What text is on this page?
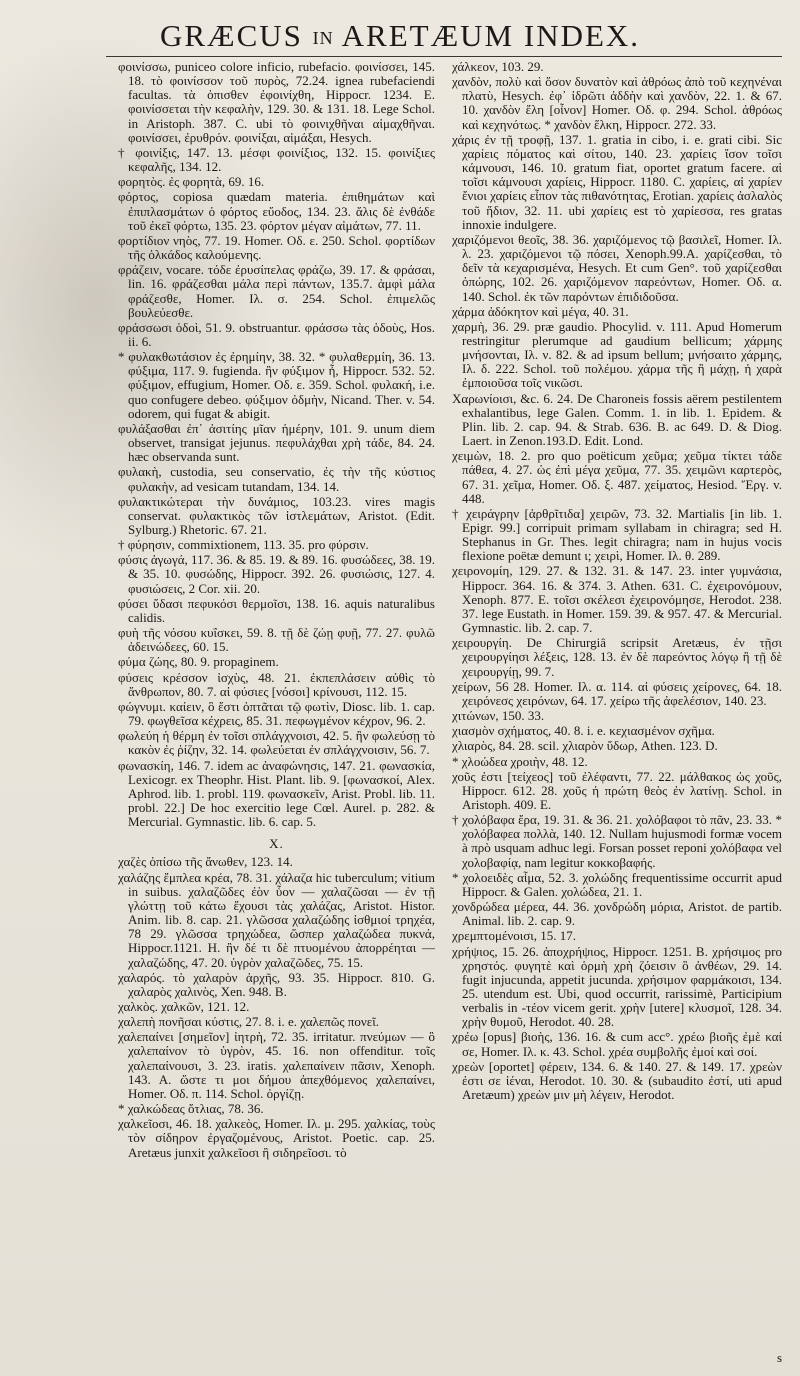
GRÆCUS IN ARETÆUM INDEX.
φοινίσσω, puniceo colore inficio, rubefacio. φοινίσσει, 145. 18. τὸ φοινίσσον τοῦ πυρὸς, 72.24. ignea rubefaciendi facultas. τὰ ὀπισθεν ἐφοινίχθη, Hippocr. 1234. E. φοινίσσεται τὴν κεφαλὴν, 129. 30. & 131. 18. Lege Schol. in Aristoph. 387. C. ubi τὸ φοινιχθῆναι αἱμαχθῆναι. φοινίσσει, ἐρυθρόν. φοινίξαι, αἱμάξαι, Hesych.
† φοινίξις, 147. 13. μέσφι φοινίξιος, 132. 15. φοινίξιες κεφαλῆς, 134. 12.
φορητὸς. ἐς φορητὰ, 69. 16.
φόρτος, copiosa quædam materia. ἐπιθημάτων καὶ ἐπιπλασμάτων ὁ φόρτος εὔοδος, 134. 23. ἄλις δὲ ἐνθάδε τοῦ ἐκεῖ φόρτω, 135. 23. φόρτον μέγαν αἰμάτων, 77. 11.
φορτίδιον νηὸς, 77. 19. Homer. Οδ. ε. 250. Schol. φορτίδων τῆς ὁλκάδος καλούμενης.
φράζειν, vocare. τόδε ἐρυσίπελας φράζω, 39. 17. & φράσαι, lin. 16. φράζεσθαι μάλα περὶ πάντων, 135.7. ἀμφὶ μάλα φράζεσθε, Homer. Ιλ. σ. 254. Schol. ἐπιμελῶς βουλεύεσθε.
φράσσωσι ὁδοὶ, 51. 9. obstruantur. φράσσω τὰς ὁδοὺς, Hos. ii. 6.
* φυλακθωτάσιον ἐς ἐρημίην, 38. 32. * φυλαθερμίη, 36. 13. φύξιμα, 117. 9. fugienda. ἢν φύξιμον ἦ, Hippocr. 532. 52. φύξιμον, effugium, Homer. Οδ. ε. 359. Schol. φυλακή, i.e. quo confugere debeo. φύξιμον ὀδμὴν, Nicand. Ther. v. 54. odorem, qui fugat & abigit.
φυλάξασθαι ἐπ᾽ ἀσιτίης μῖαν ἡμέρην, 101. 9. unum diem observet, transigat jejunus. πεφυλάχθαι χρὴ τάδε, 84. 24. hæc observanda sunt.
φυλακὴ, custodia, seu conservatio, ἐς τὴν τῆς κύστιος φυλακὴν, ad vesicam tutandam, 134. 14.
φυλακτικώτεραι τὴν δυνάμιος, 103.23. vires magis conservat. φυλακτικὸς τῶν ἱστλεμάτων, Aristot. (Edit. Sylburg.) Rhetoric. 67. 21.
† φύρησιν, commixtionem, 113. 35. pro φύρσιν.
φύσις ἀγωγά, 117. 36. & 85. 19. & 89. 16. φυσώδεες, 38. 19. & 35. 10. φυσώδης, Hippocr. 392. 26. φυσιώσις, 127. 4. φυσιώσεις, 2 Cor. xii. 20.
φύσει ὕδασι πεφυκόσι θερμοῖσι, 138. 16. aquis naturalibus calidis.
φυὴ τῆς νόσου κυΐσκει, 59. 8. τῇ δὲ ζώῃ φυῇ, 77. 27. φυλῶ ἀδεινώδεες, 60. 15.
φύμα ζώης, 80. 9. propaginem.
φύσεις κρέσσον ἰσχὺς, 48. 21. ἐκπεπλάσειν αὐθὶς τὸ ἄνθρωπον, 80. 7. αἱ φύσιες [νόσοι] κρίνουσι, 112. 15.
φώγνυμι. καίειν, ὃ ἔστι ὀπτᾶται τῷ φωτὶν, Diosc. lib. 1. cap. 79. φωγθεῖσα κέχρεις, 85. 31. πεφωγμένον κέχρον, 96. 2.
φωλεύη ἡ θέρμη ἐν τοῖσι σπλάγχνοισι, 42. 5. ἢν φωλεύσῃ τὸ κακὸν ἐς ῥίζην, 32. 14. φωλεύεται ἐν σπλάγχνοισιν, 56. 7.
φωνασκίη, 146. 7. idem ac ἀναφώνησις, 147. 21. φωνασκία, Lexicogr. ex Theophr. Hist. Plant. lib. 9. [φωνασκοί, Alex. Aphrod. lib. 1. probl. 119. φωνασκεῖν, Arist. Probl. lib. 11. probl. 22.] De hoc exercitio lege Cœl. Aurel. p. 282. & Mercurial. Gymnastic. lib. 6. cap. 5.
X.
χαζὲς ὀπίσω τῆς ἄνωθεν, 123. 14.
χαλάζης ἔμπλεα κρέα, 78. 31. χάλαζα hic tuberculum; vitium in suibus. χαλαζῶδες ἐὸν ὗον — χαλαζῶσαι — ἐν τῇ γλώττῃ τοῦ κάτω ἔχουσι τὰς χαλάζας, Aristot. Histor. Anim. lib. 8. cap. 21. γλῶσσα χαλαζώδης ἰσθμιοί τρηχέα, 78 29. γλῶσσα τρηχώδεα, ὥσπερ χαλαζώδεα πυκνά, Hippocr.1121. H. ἢν δέ τι δὲ πτυομένου ἀπορρέηται — χαλαζώδης, 47. 20. ὑγρὸν χαλαζῶδες, 75. 15.
χαλαρός. τὸ χαλαρὸν ἀρχῆς, 93. 35. Hippocr. 810. G. χαλαρὸς χαλινὸς, Xen. 948. B.
χαλκὸς. χαλκῶν, 121. 12.
χαλεπὴ πονῆσαι κύστις, 27. 8. i. e. χαλεπῶς πονεῖ.
χαλεπαίνει [σημεῖον] ἰητρὴ, 72. 35. irritatur. πνεύμων — ὃ χαλεπαίνον τὸ ὑγρὸν, 45. 16. non offenditur. τοῖς χαλεπαίνουσι, 3. 23. iratis. χαλεπαίνειν πᾶσιν, Xenoph. 143. A. ὥστε τι μοι δήμου ἀπεχθόμενος χαλεπαίνει, Homer. Οδ. π. 114. Schol. ὀργίζῃ.
* χαλκώδεας ὄτλιας, 78. 36.
χαλκεῖοσι, 46. 18. χαλκεὸς, Homer. Ιλ. μ. 295. χαλκίας, τοὺς τὸν σίδηρον ἐργαζομένους, Aristot. Poetic. cap. 25. Aretæus junxit χαλκεῖοσι ἢ σιδηρεῖοσι. τὸ
χάλκεον, 103. 29.
χανδὸν, πολὺ καὶ ὅσον δυνατὸν καὶ ἀθρόως ἀπὸ τοῦ κεχηνέναι πλατὺ, Hesych. ἐφ᾽ ἰδρῶτι ἀδδὴν καὶ χανδὸν, 22. 1. & 67. 10. χανδὸν ἔλη [οἶνον] Homer. Οδ. φ. 294. Schol. ἀθρόως καὶ κεχηνότως. * χανδὸν ἕλκη, Hippocr. 272. 33.
χάρις ἐν τῇ τροφῇ, 137. 1. gratia in cibo, i. e. grati cibi. Sic χαρίεις πόματος καὶ σίτου, 140. 23. χαρίεις ἴσον τοῖσι κάμνουσι, 146. 10. gratum fiat, oportet gratum facere. αἱ τοῖσι κάμνουσι χαρίεις, Hippocr. 1180. C. χαρίεις, αἱ χαρίεν ἔνιοι χαρίεις εἶπον τὰς πιθανότητας, Erotian. χαρίεις ἀσλαλὸς τοῦ ἥδιον, 32. 11. ubi χαρίεις est τὸ χαρίεσσα, res gratas innoxie indulgere.
χαριζόμενοι θεοῖς, 38. 36. χαριζόμενος τῷ βασιλεῖ, Homer. Ιλ. λ. 23. χαριζόμενοι τῷ πόσει, Xenoph.99.A. χαρίζεσθαι, τὸ δεῖν τὰ κεχαρισμένα, Hesych. Et cum Gen°. τοῦ χαρίζεσθαι ὀπώρης, 102. 26. χαριζόμενον παρεόντων, Homer. Οδ. α. 140. Schol. ἐκ τῶν παρόντων ἐπιδιδοῦσα.
χάρμα ἀδόκητον καὶ μέγα, 40. 31.
χαρμὴ, 36. 29. præ gaudio. Phocylid. v. 111. Apud Homerum restringitur plerumque ad gaudium bellicum; χάρμης μνήσονται, Ιλ. ν. 82. & ad ipsum bellum; μνήσαιτο χάρμης, Ιλ. δ. 222. Schol. τοῦ πολέμου. χάρμα τῆς ἢ μάχῃ, ἡ χαρὰ ἐμποιοῦσα τοῖς νικῶσι.
Χαρωνίοισι, &c. 6. 24. De Charoneis fossis aërem pestilentem exhalantibus, lege Galen. Comm. 1. in lib. 1. Epidem. & Plin. lib. 2. cap. 94. & Strab. 636. B. ac 649. D. & Diog. Laert. in Zenon.193.D. Edit. Lond.
χειμὼν, 18. 2. pro quo poëticum χεῦμα; χεῦμα τίκτει τάδε πάθεα, 4. 27. ὡς ἐπὶ μέγα χεῦμα, 77. 35. χειμῶνι καρτερὸς, 67. 31. χεῖμα, Homer. Οδ. ξ. 487. χείματος, Hesiod. Ἔργ. v. 448.
† χειράγρην [ἀρθρῖτιδα] χειρῶν, 73. 32. Martialis [in lib. 1. Epigr. 99.] corripuit primam syllabam in chiragra; sed H. Stephanus in Gr. Thes. legit chiragra; nam in hujus vocis flexione poëtæ demunt ι; χειρὶ, Homer. Ιλ. θ. 289.
χειρονομίη, 129. 27. & 132. 31. & 147. 23. inter γυμνάσια, Hippocr. 364. 16. & 374. 3. Athen. 631. C. ἐχειρονόμουν, Xenoph. 877. E. τοῖσι σκέλεσι ἐχειρονόμησε, Herodot. 238. 37. lege Eustath. in Homer. 159. 39. & 957. 47. & Mercurial. Gymnastic. lib. 2. cap. 7.
χειρουργίη. De Chirurgiâ scripsit Aretæus, ἐν τῇσι χειρουργίησι λέξεις, 128. 13. ἐν δὲ παρεόντος λόγῳ ἢ τῇ δὲ χειρουργίῃ, 99. 7.
χείρων, 56 28. Homer. Ιλ. α. 114. αἱ φύσεις χείρονες, 64. 18. χειρόνεσς χειρόνων, 64. 17. χείρω τῆς ἀφελέσιον, 140. 23.
χιτώνων, 150. 33.
χιασμὸν σχήματος, 40. 8. i. e. κεχιασμένον σχῆμα.
χλιαρὸς, 84. 28. scil. χλιαρὸν ὕδωρ, Athen. 123. D.
* χλοώδεα χροιὴν, 48. 12.
χοῦς ἐστι [τείχεος] τοῦ ἐλέφαντι, 77. 22. μάλθακος ὡς χοῦς, Hippocr. 612. 28. χοῦς ἡ πρώτη θεὸς ἐν λατίνῃ. Schol. in Aristoph. 409. E.
† χολόβαφα ἔρα, 19. 31. & 36. 21. χολόβαφοι τὸ πᾶν, 23. 33. * χολόβαφεα πολλὰ, 140. 12. Nullam hujusmodi formæ vocem à πρὸ usquam adhuc legi. Forsan posset reponi χολόβαφα vel χολοβαφίᾳ, nam legitur κοκκοβαφής.
* χολοειδὲς αἷμα, 52. 3. χολώδης frequentissime occurrit apud Hippocr. & Galen. χολώδεα, 21. 1.
χονδρώδεα μέρεα, 44. 36. χονδρώδη μόρια, Aristot. de partib. Animal. lib. 2. cap. 9.
χρεμπτομένοισι, 15. 17.
χρήψιος, 15. 26. ἀποχρήψιος, Hippocr. 1251. B. χρήσιμος pro χρηστός. φυγητὲ καὶ ὁρμὴ χρὴ ζόεισιν ὃ ἀνθέων, 29. 14. fugit injucunda, appetit jucunda. χρήσιμον φαρμάκοισι, 134. 25. utendum est. Ubi, quod occurrit, rarissimè, Participium verbalis in -τέον vicem gerit. χρὴν [utere] κλυσμοῖ, 128. 34. χρὴν θυμοῦ, Herodot. 40. 28.
χρέω [opus] βιοὴς, 136. 16. & cum acc°. χρέω βιοῆς ἐμὲ καί σε, Homer. Ιλ. κ. 43. Schol. χρέα συμβολῆς ἐμοί καὶ σοί.
χρεὼν [oportet] φέρειν, 134. 6. & 140. 27. & 149. 17. χρεὼν ἐστι σε ἰέναι, Herodot. 10. 30. & (subaudito ἐστί, uti apud Aretæum) χρεὼν μιν μὴ λέγειν, Herodot.
s
